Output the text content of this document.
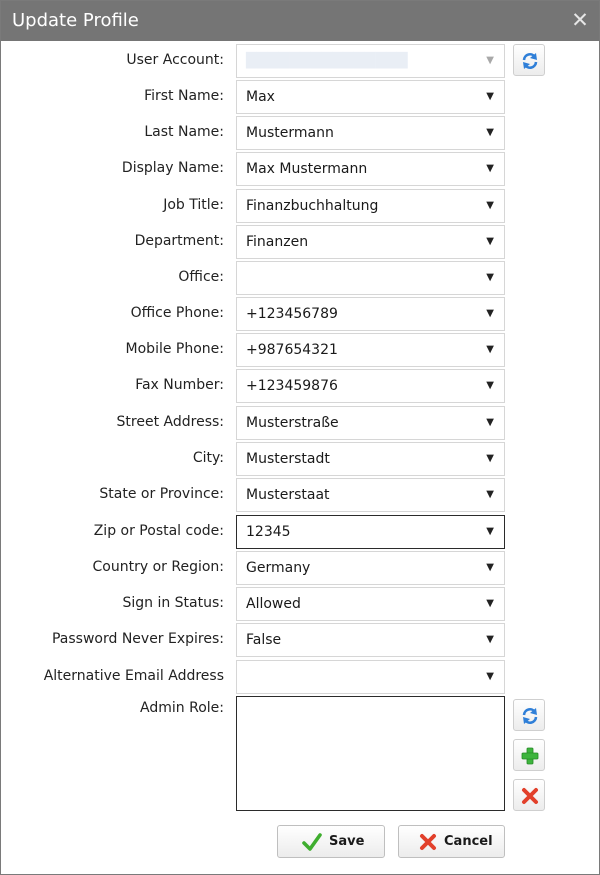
Update Profile	✕
User Account: ███████████████	▼
First Name: Max	▼
Last Name: Mustermann	▼
Display Name: Max Mustermann	▼
Job Title: Finanzbuchhaltung	▼
Department: Finanzen	▼
Office:	▼
Office Phone: +123456789	▼
Mobile Phone: +987654321	▼
Fax Number: +123459876	▼
Street Address: Musterstraße	▼
City: Musterstadt	▼
State or Province: Musterstaat	▼
Zip or Postal code: 12345	▼
Country or Region: Germany	▼
Sign in Status: Allowed	▼
Password Never Expires: False	▼
Alternative Email Address	▼
Admin Role:
Save	Cancel
